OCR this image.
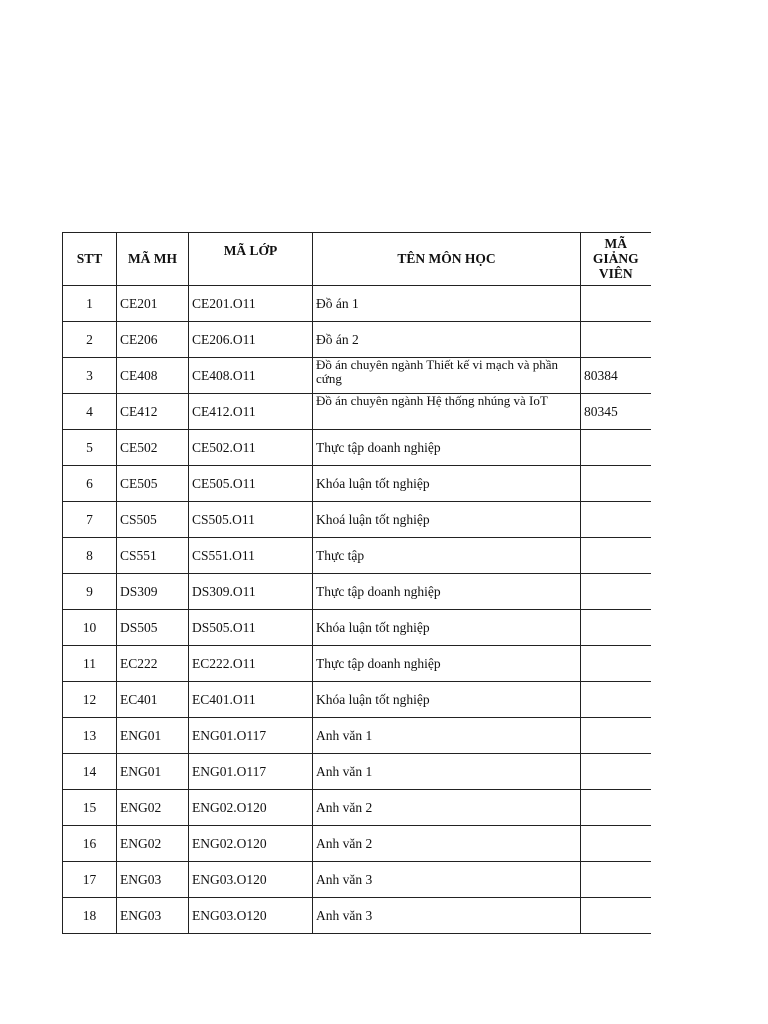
STT	MÃ MH	MÃ LỚP	TÊN MÔN HỌC	MÃ GIẢNG VIÊN

1	CE201	CE201.O11	Đồ án 1	
2	CE206	CE206.O11	Đồ án 2	
3	CE408	CE408.O11	Đồ án chuyên ngành Thiết kế vi mạch và phần cứng	80384
4	CE412	CE412.O11	Đồ án chuyên ngành Hệ thống nhúng và IoT	80345
5	CE502	CE502.O11	Thực tập doanh nghiệp	
6	CE505	CE505.O11	Khóa luận tốt nghiệp	
7	CS505	CS505.O11	Khoá luận tốt nghiệp	
8	CS551	CS551.O11	Thực tập	
9	DS309	DS309.O11	Thực tập doanh nghiệp	
10	DS505	DS505.O11	Khóa luận tốt nghiệp	
11	EC222	EC222.O11	Thực tập doanh nghiệp	
12	EC401	EC401.O11	Khóa luận tốt nghiệp	
13	ENG01	ENG01.O117	Anh văn 1	
14	ENG01	ENG01.O117	Anh văn 1	
15	ENG02	ENG02.O120	Anh văn 2	
16	ENG02	ENG02.O120	Anh văn 2	
17	ENG03	ENG03.O120	Anh văn 3	
18	ENG03	ENG03.O120	Anh văn 3	
